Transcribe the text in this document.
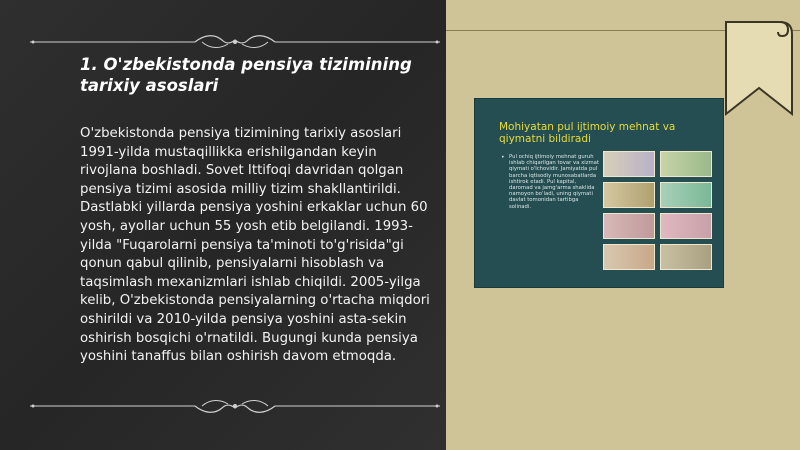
1. O'zbekistonda pensiya tizimining tarixiy asoslari

O'zbekistonda pensiya tizimining tarixiy asoslari 1991-yilda mustaqillikka erishilgandan keyin rivojlana boshladi. Sovet Ittifoqi davridan qolgan pensiya tizimi asosida milliy tizim shakllantirildi. Dastlabki yillarda pensiya yoshini erkaklar uchun 60 yosh, ayollar uchun 55 yosh etib belgilandi. 1993-yilda "Fuqarolarni pensiya ta'minoti to'g'risida"gi qonun qabul qilinib, pensiyalarni hisoblash va taqsimlash mexanizmlari ishlab chiqildi. 2005-yilga kelib, O'zbekistonda pensiyalarning o'rtacha miqdori oshirildi va 2010-yilda pensiya yoshini asta-sekin oshirish bosqichi o'rnatildi. Bugungi kunda pensiya yoshini tanaffus bilan oshirish davom etmoqda.

Mohiyatan pul ijtimoiy mehnat va qiymatni bildiradi
• Pul ochiq ijtimoiy mehnat guruh ishlab chiqarilgan tovar va xizmat qiymati o'lchovidir. Jamiyatda pul barcha iqtisodiy munosabatlarda ishtirok etadi. Pul kapital, daromad va jamg'arma shaklida namoyon bo'ladi, uning qiymati davlat tomonidan tartibga solinadi.
